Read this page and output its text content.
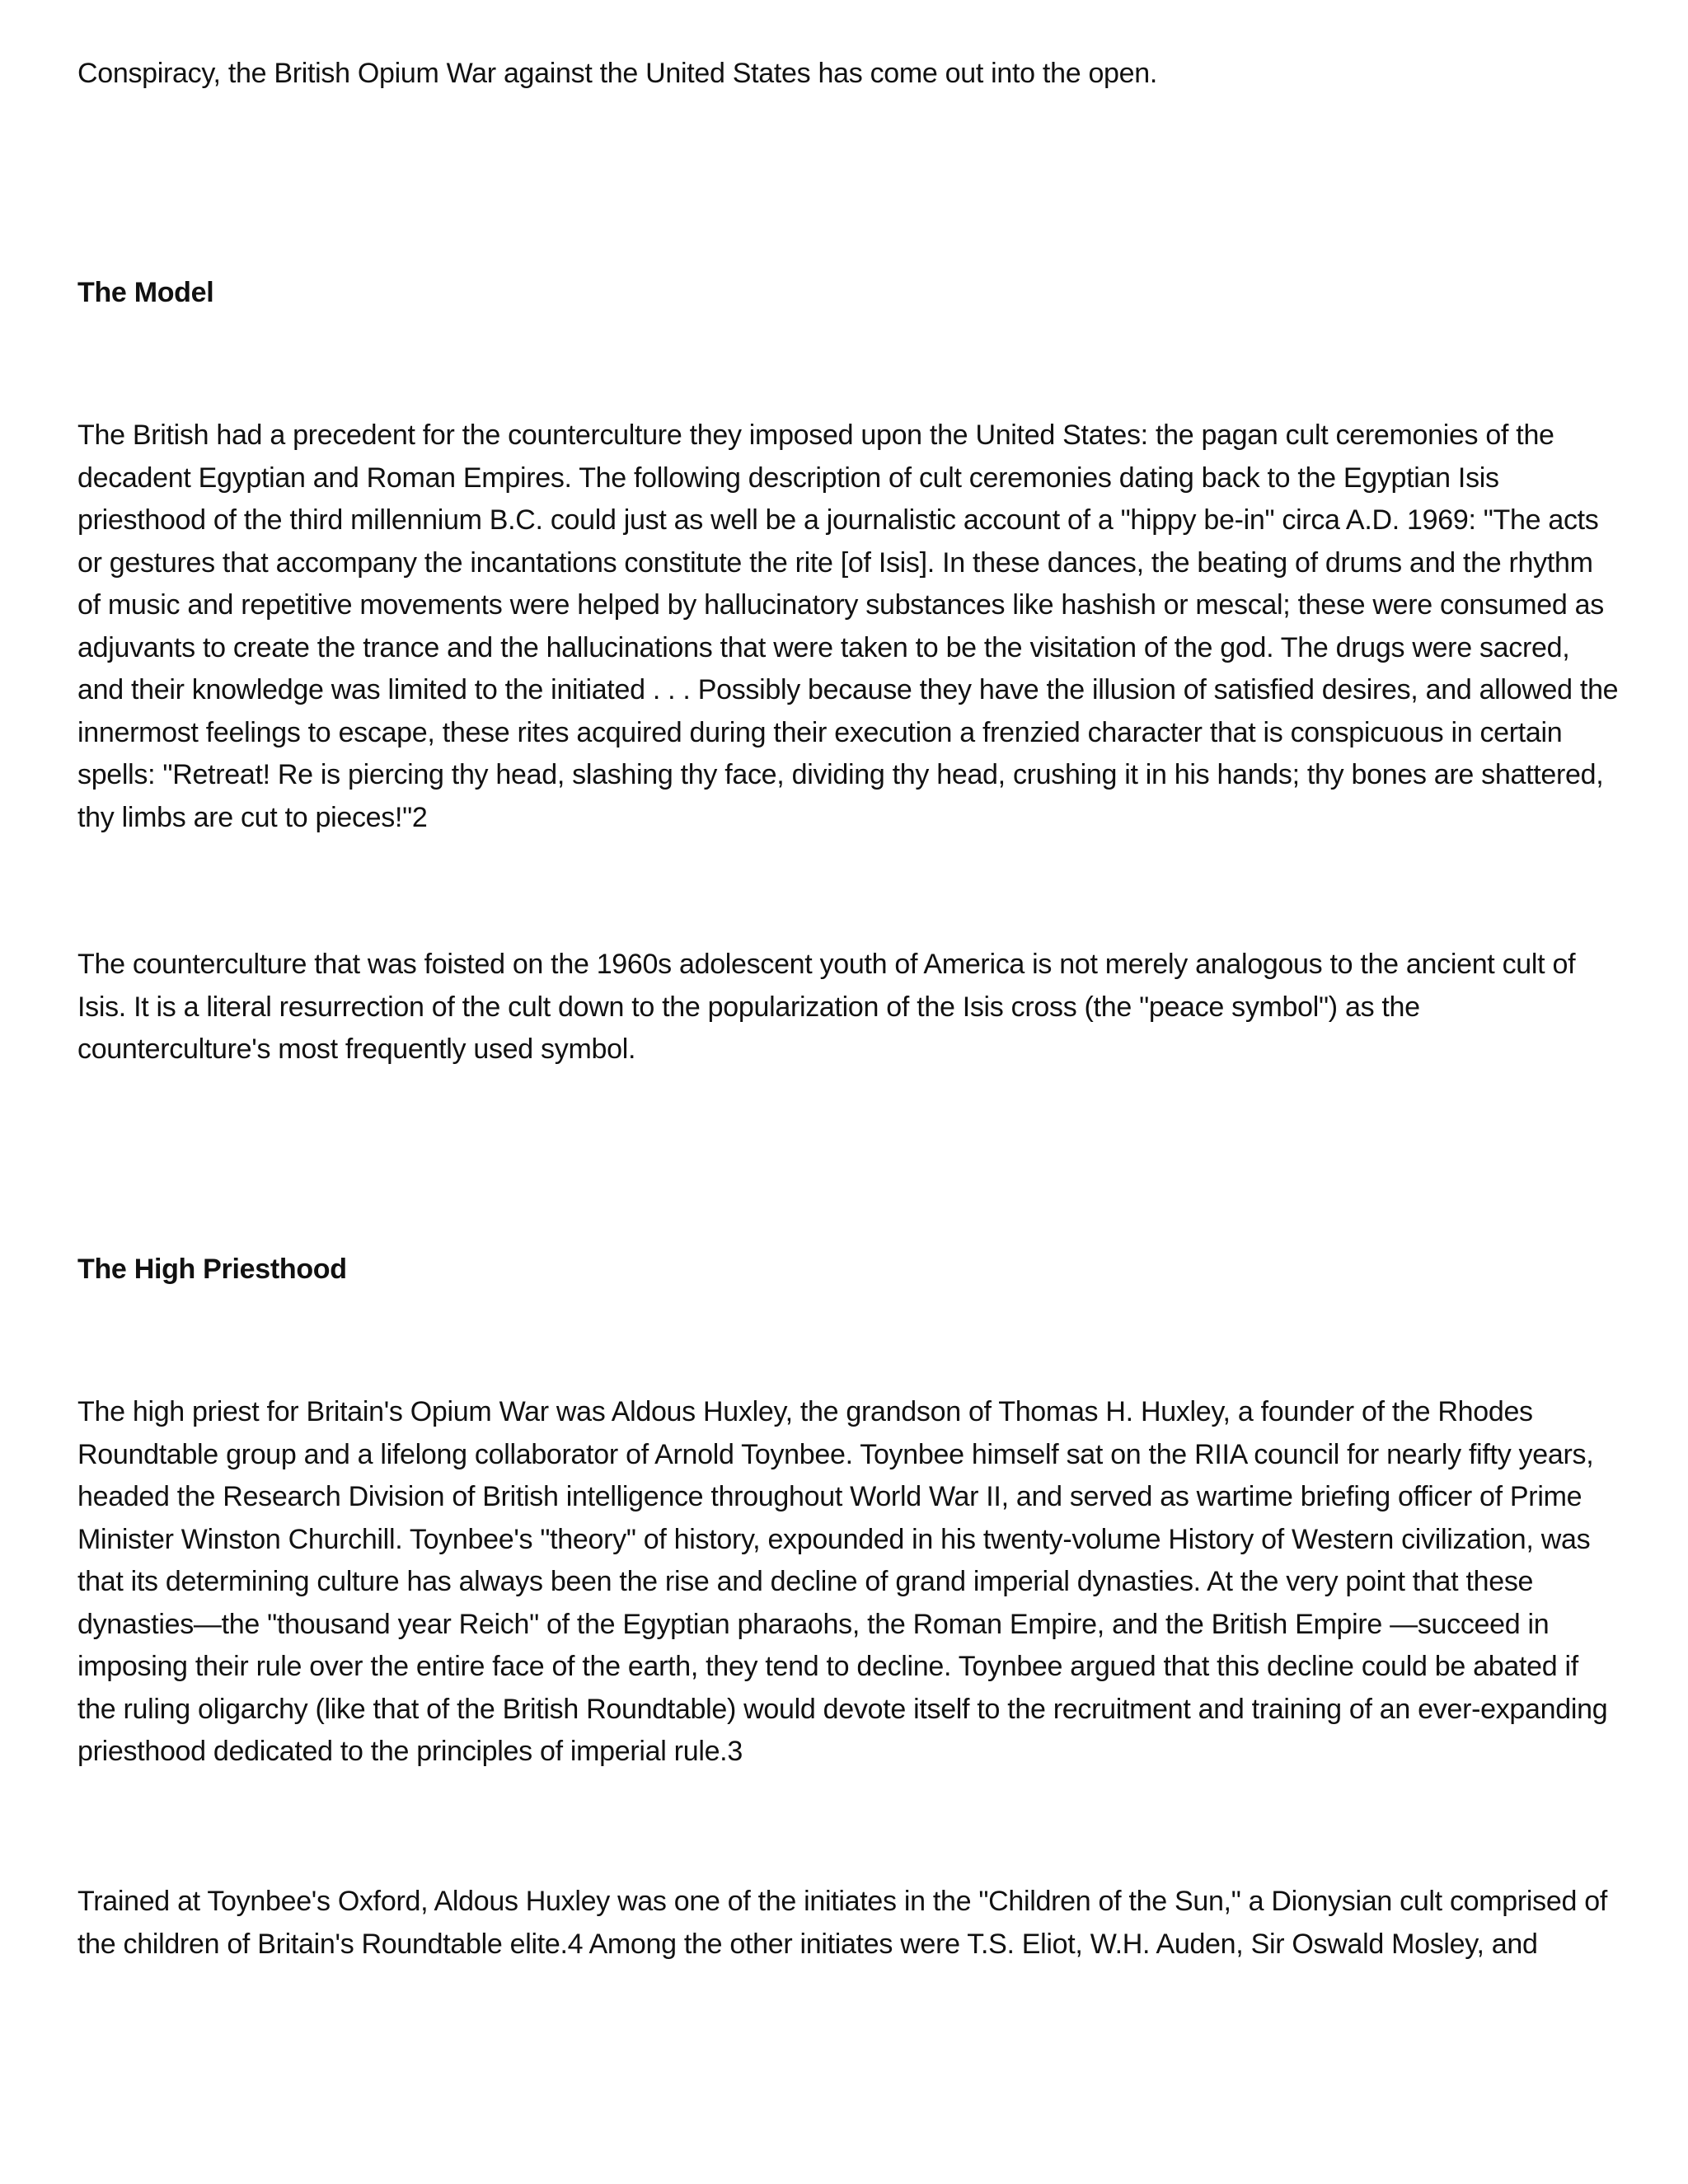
Conspiracy, the British Opium War against the United States has come out into the open.

The Model

The British had a precedent for the counterculture they imposed upon the United States: the pagan cult ceremonies of the decadent Egyptian and Roman Empires. The following description of cult ceremonies dating back to the Egyptian Isis priesthood of the third millennium B.C. could just as well be a journalistic account of a "hippy be-in" circa A.D. 1969: "The acts or gestures that accompany the incantations constitute the rite [of Isis]. In these dances, the beating of drums and the rhythm of music and repetitive movements were helped by hallucinatory substances like hashish or mescal; these were consumed as adjuvants to create the trance and the hallucinations that were taken to be the visitation of the god. The drugs were sacred, and their knowledge was limited to the initiated . . . Possibly because they have the illusion of satisfied desires, and allowed the innermost feelings to escape, these rites acquired during their execution a frenzied character that is conspicuous in certain spells: "Retreat! Re is piercing thy head, slashing thy face, dividing thy head, crushing it in his hands; thy bones are shattered, thy limbs are cut to pieces!"2

The counterculture that was foisted on the 1960s adolescent youth of America is not merely analogous to the ancient cult of Isis. It is a literal resurrection of the cult down to the popularization of the Isis cross (the "peace symbol") as the counterculture's most frequently used symbol.

The High Priesthood

The high priest for Britain's Opium War was Aldous Huxley, the grandson of Thomas H. Huxley, a founder of the Rhodes Roundtable group and a lifelong collaborator of Arnold Toynbee. Toynbee himself sat on the RIIA council for nearly fifty years, headed the Research Division of British intelligence throughout World War II, and served as wartime briefing officer of Prime Minister Winston Churchill. Toynbee's "theory" of history, expounded in his twenty-volume History of Western civilization, was that its determining culture has always been the rise and decline of grand imperial dynasties. At the very point that these dynasties—the "thousand year Reich" of the Egyptian pharaohs, the Roman Empire, and the British Empire —succeed in imposing their rule over the entire face of the earth, they tend to decline. Toynbee argued that this decline could be abated if the ruling oligarchy (like that of the British Roundtable) would devote itself to the recruitment and training of an ever-expanding priesthood dedicated to the principles of imperial rule.3

Trained at Toynbee's Oxford, Aldous Huxley was one of the initiates in the "Children of the Sun," a Dionysian cult comprised of the children of Britain's Roundtable elite.4 Among the other initiates were T.S. Eliot, W.H. Auden, Sir Oswald Mosley, and
